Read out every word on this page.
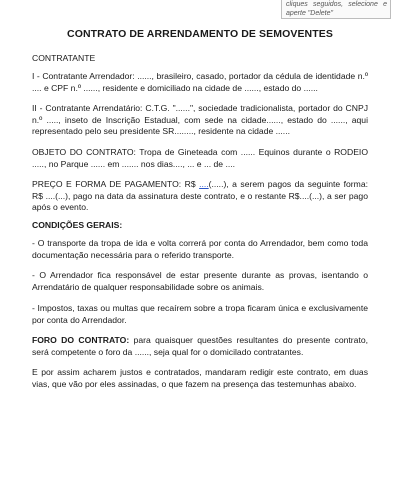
cliques seguidos, selecione e aperte "Delete"
CONTRATO DE ARRENDAMENTO DE SEMOVENTES

CONTRATANTE

I - Contratante Arrendador: ......, brasileiro, casado, portador da cédula de identidade n.º .... e CPF n.º ......, residente e domiciliado na cidade de ......, estado do ......

II - Contratante Arrendatário: C.T.G. "......", sociedade tradicionalista, portador do CNPJ n.º ....., inseto de Inscrição Estadual, com sede na cidade......, estado do ......, aqui representado pelo seu presidente SR........, residente na cidade ......

OBJETO DO CONTRATO: Tropa de Gineteada com ...... Equinos durante o RODEIO ....., no Parque ...... em ....... nos dias...., ... e ... de ....

PREÇO E FORMA DE PAGAMENTO: R$ ....(.....), a serem pagos da seguinte forma: R$ ....(...), pago na data da assinatura deste contrato, e o restante R$....(...), a ser pago após o evento.

CONDIÇÕES GERAIS:

- O transporte da tropa de ida e volta correrá por conta do Arrendador, bem como toda documentação necessária para o referido transporte.

- O Arrendador fica responsável de estar presente durante as provas, isentando o Arrendatário de qualquer responsabilidade sobre os animais.

- Impostos, taxas ou multas que recaírem sobre a tropa ficaram única e exclusivamente por conta do Arrendador.

FORO DO CONTRATO: para quaisquer questões resultantes do presente contrato, será competente o foro da ......, seja qual for o domicilado contratantes.

E por assim acharem justos e contratados, mandaram redigir este contrato, em duas vias, que vão por eles assinadas, o que fazem na presença das testemunhas abaixo.
